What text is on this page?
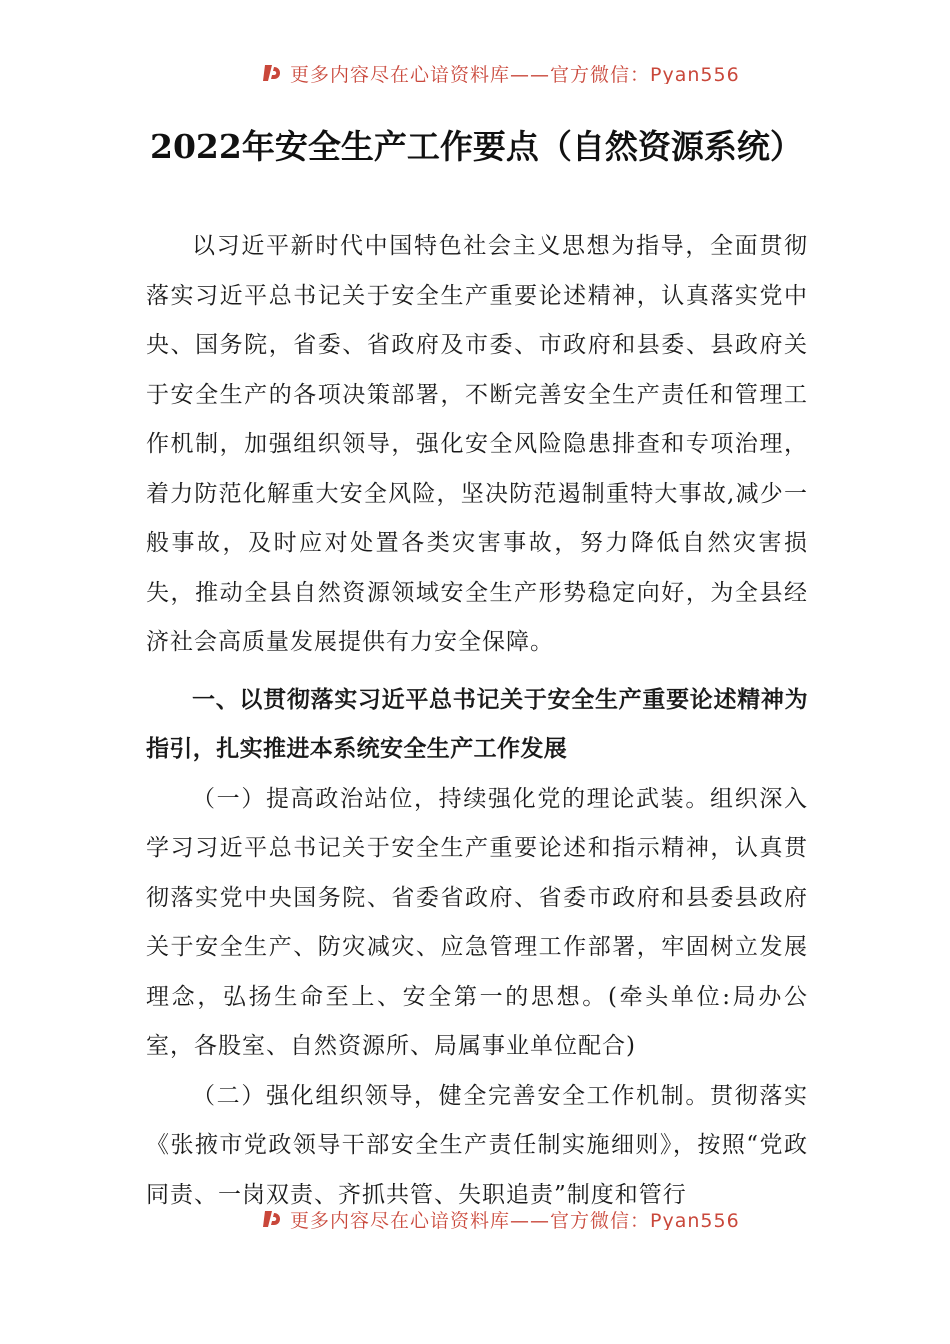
更多内容尽在心谙资料库——官方微信：Pyan556
2022年安全生产工作要点（自然资源系统）

以习近平新时代中国特色社会主义思想为指导，全面贯彻落实习近平总书记关于安全生产重要论述精神，认真落实党中央、国务院，省委、省政府及市委、市政府和县委、县政府关于安全生产的各项决策部署，不断完善安全生产责任和管理工作机制，加强组织领导，强化安全风险隐患排查和专项治理，着力防范化解重大安全风险，坚决防范遏制重特大事故,减少一般事故，及时应对处置各类灾害事故，努力降低自然灾害损失，推动全县自然资源领域安全生产形势稳定向好，为全县经济社会高质量发展提供有力安全保障。

一、以贯彻落实习近平总书记关于安全生产重要论述精神为指引，扎实推进本系统安全生产工作发展

（一）提高政治站位，持续强化党的理论武装。组织深入学习习近平总书记关于安全生产重要论述和指示精神，认真贯彻落实党中央国务院、省委省政府、省委市政府和县委县政府关于安全生产、防灾减灾、应急管理工作部署，牢固树立发展理念，弘扬生命至上、安全第一的思想。(牵头单位:局办公室，各股室、自然资源所、局属事业单位配合)

（二）强化组织领导，健全完善安全工作机制。贯彻落实《张掖市党政领导干部安全生产责任制实施细则》，按照“党政同责、一岗双责、齐抓共管、失职追责”制度和管行

更多内容尽在心谙资料库——官方微信：Pyan556
